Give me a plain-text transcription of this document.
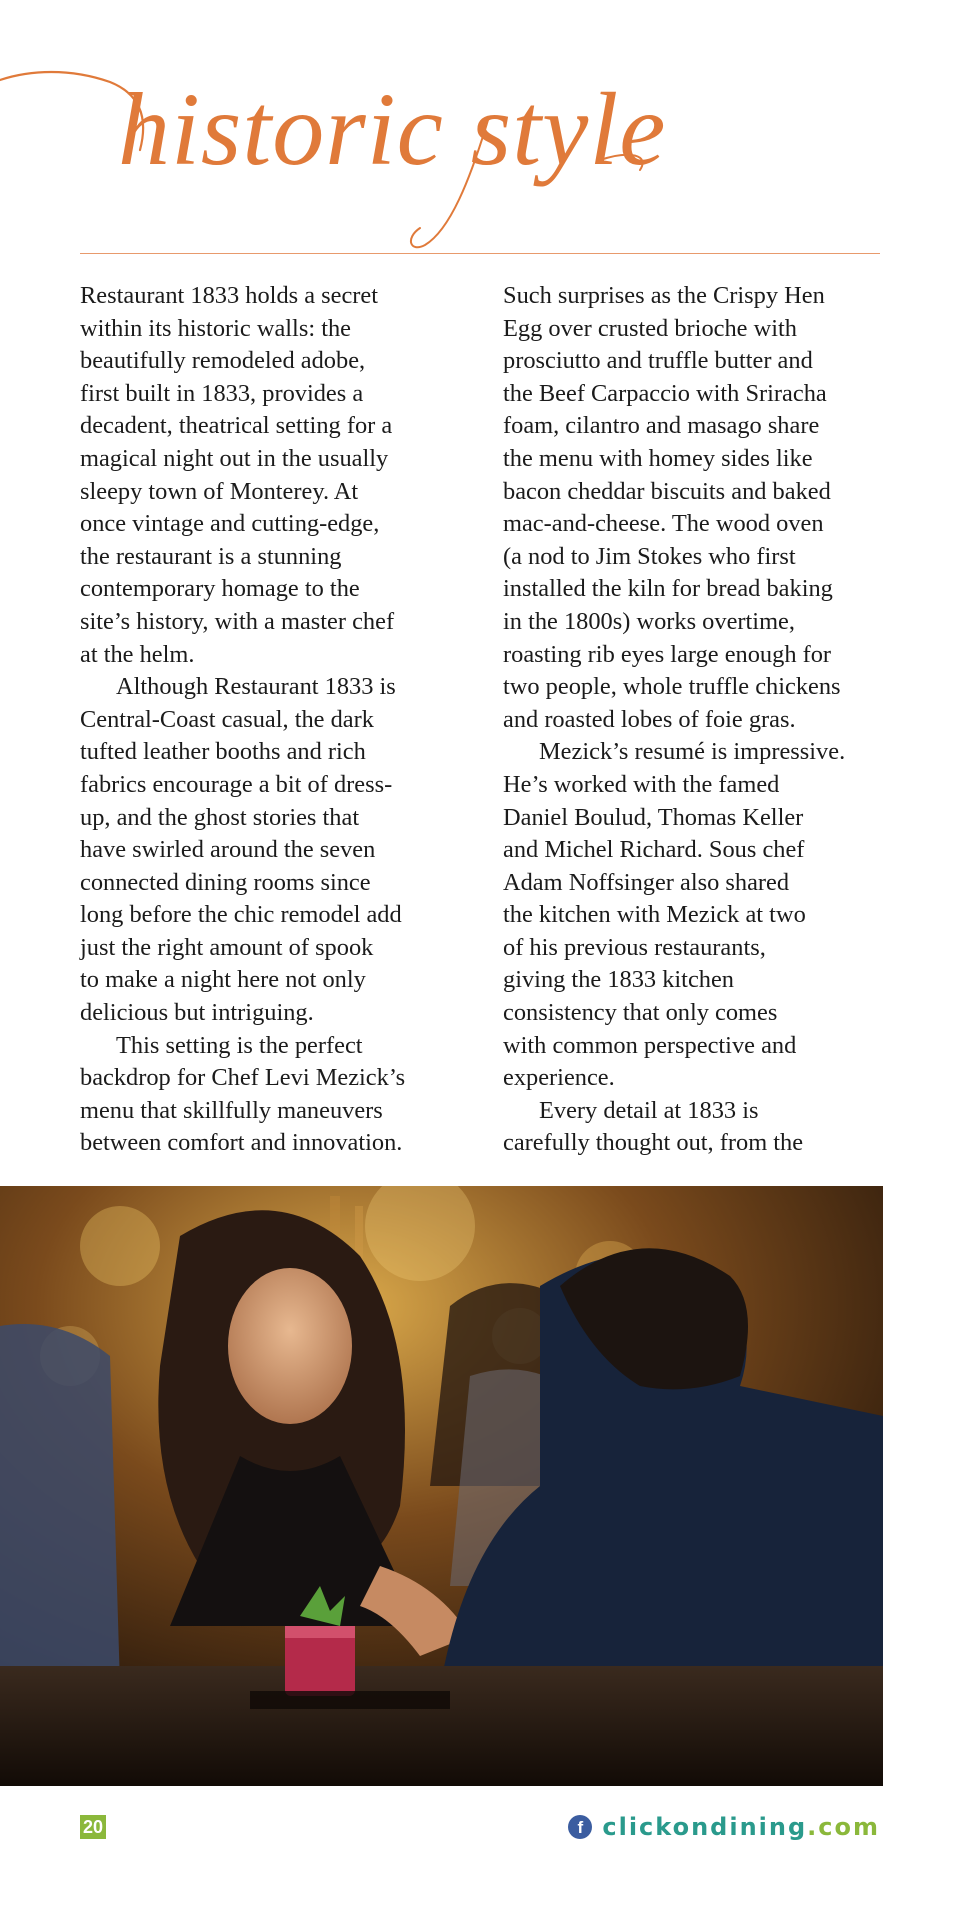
historic style
Restaurant 1833 holds a secret
within its historic walls: the
beautifully remodeled adobe,
first built in 1833, provides a
decadent, theatrical setting for a
magical night out in the usually
sleepy town of Monterey. At
once vintage and cutting-edge,
the restaurant is a stunning
contemporary homage to the
site’s history, with a master chef
at the helm.
Although Restaurant 1833 is
Central-Coast casual, the dark
tufted leather booths and rich
fabrics encourage a bit of dress-
up, and the ghost stories that
have swirled around the seven
connected dining rooms since
long before the chic remodel add
just the right amount of spook
to make a night here not only
delicious but intriguing.
This setting is the perfect
backdrop for Chef Levi Mezick’s
menu that skillfully maneuvers
between comfort and innovation.
Such surprises as the Crispy Hen
Egg over crusted brioche with
prosciutto and truffle butter and
the Beef Carpaccio with Sriracha
foam, cilantro and masago share
the menu with homey sides like
bacon cheddar biscuits and baked
mac-and-cheese. The wood oven
(a nod to Jim Stokes who first
installed the kiln for bread baking
in the 1800s) works overtime,
roasting rib eyes large enough for
two people, whole truffle chickens
and roasted lobes of foie gras.
Mezick’s resumé is impressive.
He’s worked with the famed
Daniel Boulud, Thomas Keller
and Michel Richard. Sous chef
Adam Noffsinger also shared
the kitchen with Mezick at two
of his previous restaurants,
giving the 1833 kitchen
consistency that only comes
with common perspective and
experience.
Every detail at 1833 is
carefully thought out, from the
20	f clickondining.com
